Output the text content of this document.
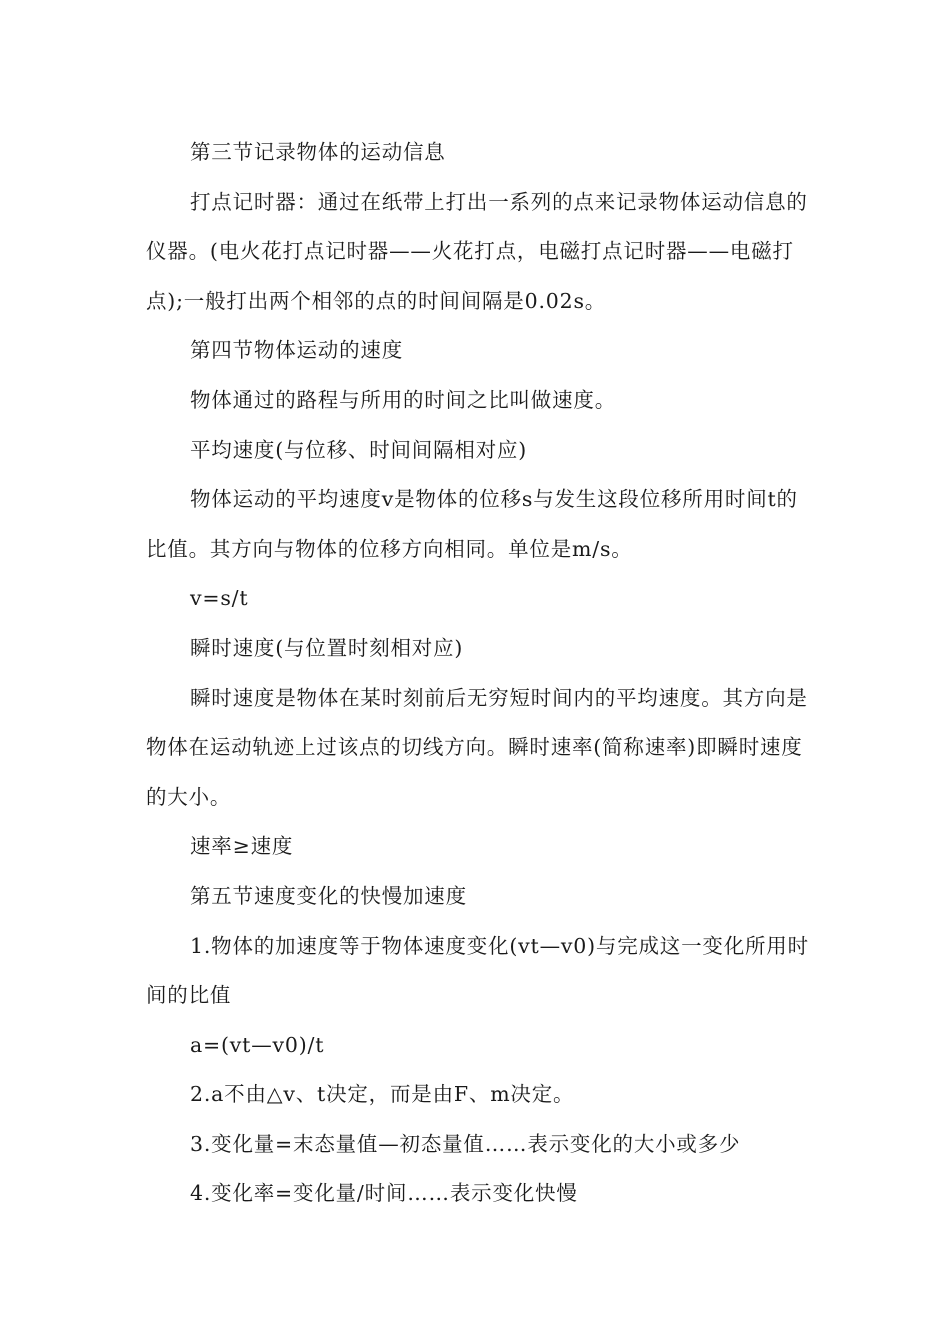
第三节记录物体的运动信息

打点记时器：通过在纸带上打出一系列的点来记录物体运动信息的仪器。(电火花打点记时器——火花打点，电磁打点记时器——电磁打点);一般打出两个相邻的点的时间间隔是0.02s。

第四节物体运动的速度

物体通过的路程与所用的时间之比叫做速度。

平均速度(与位移、时间间隔相对应)

物体运动的平均速度v是物体的位移s与发生这段位移所用时间t的比值。其方向与物体的位移方向相同。单位是m/s。

v=s/t

瞬时速度(与位置时刻相对应)

瞬时速度是物体在某时刻前后无穷短时间内的平均速度。其方向是物体在运动轨迹上过该点的切线方向。瞬时速率(简称速率)即瞬时速度的大小。

速率≥速度

第五节速度变化的快慢加速度

1.物体的加速度等于物体速度变化(vt—v0)与完成这一变化所用时间的比值

a=(vt—v0)/t

2.a不由△v、t决定，而是由F、m决定。

3.变化量=末态量值—初态量值……表示变化的大小或多少

4.变化率=变化量/时间……表示变化快慢
